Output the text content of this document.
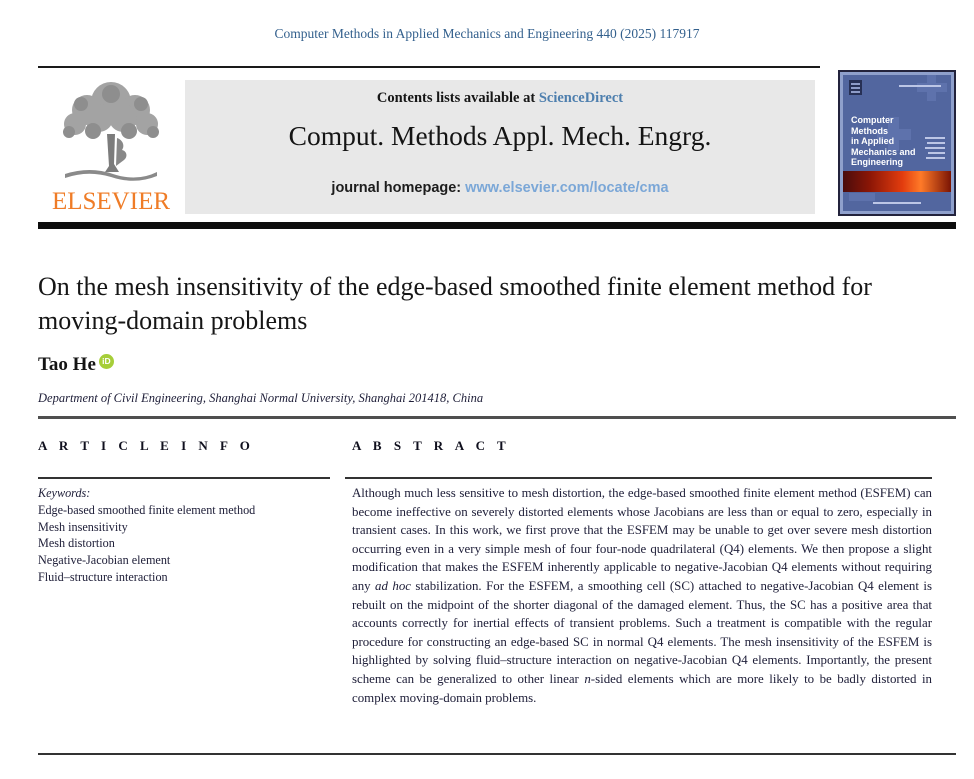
Computer Methods in Applied Mechanics and Engineering 440 (2025) 117917
ELSEVIER
Contents lists available at ScienceDirect
Comput. Methods Appl. Mech. Engrg.
journal homepage: www.elsevier.com/locate/cma
Computer
Methods
in Applied
Mechanics and
Engineering
On the mesh insensitivity of the edge-based smoothed finite element method for moving-domain problems
Tao He iD
Department of Civil Engineering, Shanghai Normal University, Shanghai 201418, China
A R T I C L E I N F O	A B S T R A C T
Keywords:
Edge-based smoothed finite element method
Mesh insensitivity
Mesh distortion
Negative-Jacobian element
Fluid–structure interaction
Although much less sensitive to mesh distortion, the edge-based smoothed finite element method (ESFEM) can become ineffective on severely distorted elements whose Jacobians are less than or equal to zero, especially in transient cases. In this work, we first prove that the ESFEM may be unable to get over severe mesh distortion occurring even in a very simple mesh of four four-node quadrilateral (Q4) elements. We then propose a slight modification that makes the ESFEM inherently applicable to negative-Jacobian Q4 elements without requiring any ad hoc stabilization. For the ESFEM, a smoothing cell (SC) attached to negative-Jacobian Q4 element is rebuilt on the midpoint of the shorter diagonal of the damaged element. Thus, the SC has a positive area that accounts correctly for inertial effects of transient problems. Such a treatment is compatible with the regular procedure for constructing an edge-based SC in normal Q4 elements. The mesh insensitivity of the ESFEM is highlighted by solving fluid–structure interaction on negative-Jacobian Q4 elements. Importantly, the present scheme can be generalized to other linear n-sided elements which are more likely to be badly distorted in complex moving-domain problems.
